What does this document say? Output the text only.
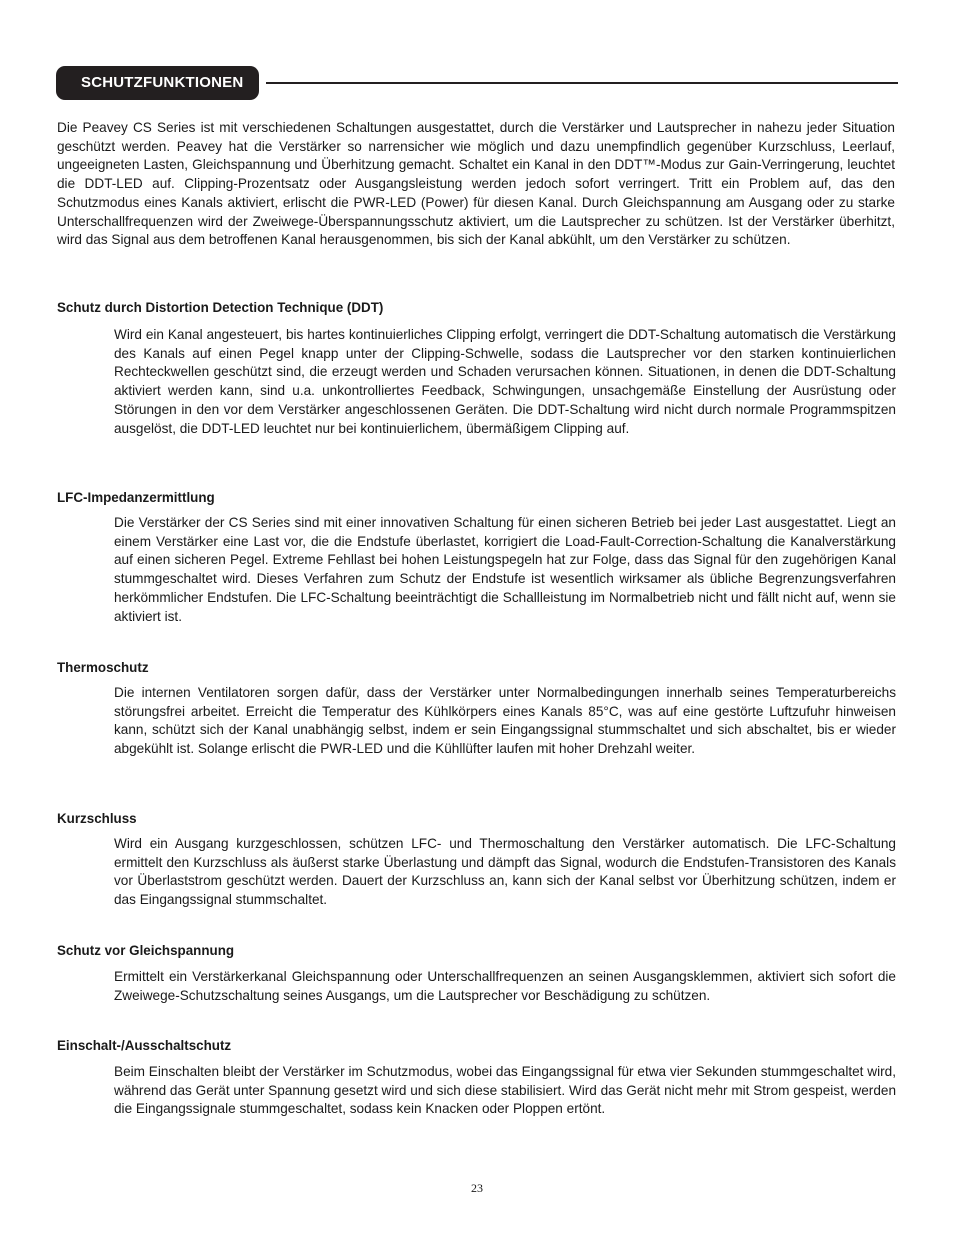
SCHUTZFUNKTIONEN

Die Peavey CS Series ist mit verschiedenen Schaltungen ausgestattet, durch die Verstärker und Lautsprecher in nahezu jeder Situation geschützt werden. Peavey hat die Verstärker so narrensicher wie möglich und dazu unempfindlich gegenüber Kurzschluss, Leerlauf, ungeeigneten Lasten, Gleichspannung und Überhitzung gemacht. Schaltet ein Kanal in den DDT™-Modus zur Gain-Verringerung, leuchtet die DDT-LED auf. Clipping-Prozentsatz oder Ausgangsleistung werden jedoch sofort verringert. Tritt ein Problem auf, das den Schutzmodus eines Kanals aktiviert, erlischt die PWR-LED (Power) für diesen Kanal. Durch Gleichspannung am Ausgang oder zu starke Unterschallfrequenzen wird der Zweiwege-Überspannungsschutz aktiviert, um die Lautsprecher zu schützen. Ist der Verstärker überhitzt, wird das Signal aus dem betroffenen Kanal herausgenommen, bis sich der Kanal abkühlt, um den Verstärker zu schützen.

Schutz durch Distortion Detection Technique (DDT)

Wird ein Kanal angesteuert, bis hartes kontinuierliches Clipping erfolgt, verringert die DDT-Schaltung automatisch die Verstärkung des Kanals auf einen Pegel knapp unter der Clipping-Schwelle, sodass die Lautsprecher vor den starken kontinuierlichen Rechteckwellen geschützt sind, die erzeugt werden und Schaden verursachen können. Situationen, in denen die DDT-Schaltung aktiviert werden kann, sind u.a. unkontrolliertes Feedback, Schwingungen, unsachgemäße Einstellung der Ausrüstung oder Störungen in den vor dem Verstärker angeschlossenen Geräten. Die DDT-Schaltung wird nicht durch normale Programmspitzen ausgelöst, die DDT-LED leuchtet nur bei kontinuierlichem, übermäßigem Clipping auf.

LFC-Impedanzermittlung

Die Verstärker der CS Series sind mit einer innovativen Schaltung für einen sicheren Betrieb bei jeder Last ausgestattet. Liegt an einem Verstärker eine Last vor, die die Endstufe überlastet, korrigiert die Load-Fault-Correction-Schaltung die Kanalverstärkung auf einen sicheren Pegel. Extreme Fehllast bei hohen Leistungspegeln hat zur Folge, dass das Signal für den zugehörigen Kanal stummgeschaltet wird. Dieses Verfahren zum Schutz der Endstufe ist wesentlich wirksamer als übliche Begrenzungsverfahren herkömmlicher Endstufen. Die LFC-Schaltung beeinträchtigt die Schallleistung im Normalbetrieb nicht und fällt nicht auf, wenn sie aktiviert ist.

Thermoschutz

Die internen Ventilatoren sorgen dafür, dass der Verstärker unter Normalbedingungen innerhalb seines Temperaturbereichs störungsfrei arbeitet. Erreicht die Temperatur des Kühlkörpers eines Kanals 85°C, was auf eine gestörte Luftzufuhr hinweisen kann, schützt sich der Kanal unabhängig selbst, indem er sein Eingangssignal stummschaltet und sich abschaltet, bis er wieder abgekühlt ist. Solange erlischt die PWR-LED und die Kühllüfter laufen mit hoher Drehzahl weiter.

Kurzschluss

Wird ein Ausgang kurzgeschlossen, schützen LFC- und Thermoschaltung den Verstärker automatisch. Die LFC-Schaltung ermittelt den Kurzschluss als äußerst starke Überlastung und dämpft das Signal, wodurch die Endstufen-Transistoren des Kanals vor Überlaststrom geschützt werden. Dauert der Kurzschluss an, kann sich der Kanal selbst vor Überhitzung schützen, indem er das Eingangssignal stummschaltet.

Schutz vor Gleichspannung

Ermittelt ein Verstärkerkanal Gleichspannung oder Unterschallfrequenzen an seinen Ausgangsklemmen, aktiviert sich sofort die Zweiwege-Schutzschaltung seines Ausgangs, um die Lautsprecher vor Beschädigung zu schützen.

Einschalt-/Ausschaltschutz

Beim Einschalten bleibt der Verstärker im Schutzmodus, wobei das Eingangssignal für etwa vier Sekunden stummgeschaltet wird, während das Gerät unter Spannung gesetzt wird und sich diese stabilisiert. Wird das Gerät nicht mehr mit Strom gespeist, werden die Eingangssignale stummgeschaltet, sodass kein Knacken oder Ploppen ertönt.

23
